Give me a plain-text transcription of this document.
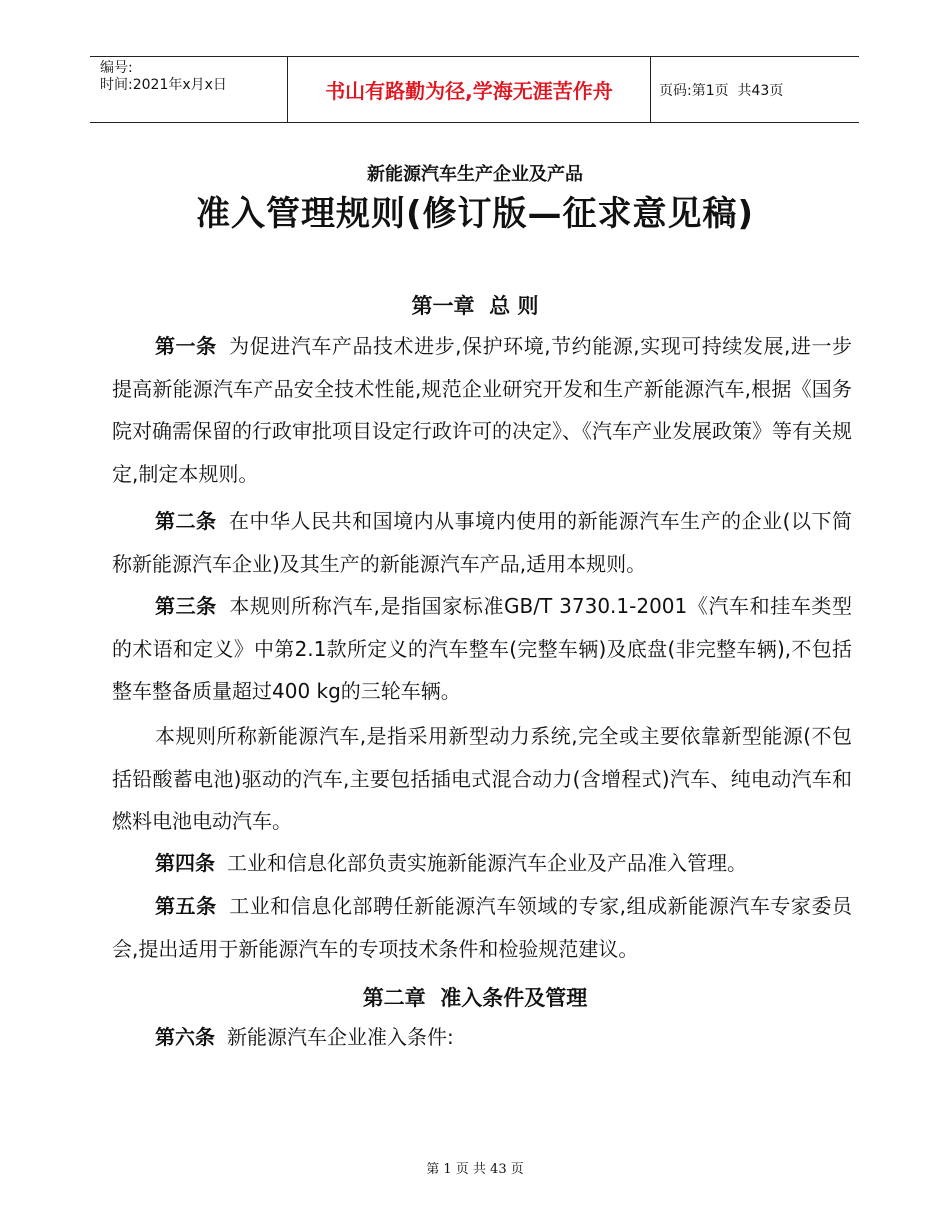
编号:
时间:2021年x月x日	书山有路勤为径,学海无涯苦作舟	页码:第1页  共43页
新能源汽车生产企业及产品
准入管理规则(修订版—征求意见稿)
第一章  总 则

第一条 为促进汽车产品技术进步,保护环境,节约能源,实现可持续发展,进一步提高新能源汽车产品安全技术性能,规范企业研究开发和生产新能源汽车,根据《国务院对确需保留的行政审批项目设定行政许可的决定》、《汽车产业发展政策》等有关规定,制定本规则。

第二条 在中华人民共和国境内从事境内使用的新能源汽车生产的企业(以下简称新能源汽车企业)及其生产的新能源汽车产品,适用本规则。

第三条 本规则所称汽车,是指国家标准GB/T 3730.1-2001《汽车和挂车类型的术语和定义》中第2.1款所定义的汽车整车(完整车辆)及底盘(非完整车辆),不包括整车整备质量超过400 kg的三轮车辆。

本规则所称新能源汽车,是指采用新型动力系统,完全或主要依靠新型能源(不包括铅酸蓄电池)驱动的汽车,主要包括插电式混合动力(含增程式)汽车、纯电动汽车和燃料电池电动汽车。

第四条 工业和信息化部负责实施新能源汽车企业及产品准入管理。

第五条 工业和信息化部聘任新能源汽车领域的专家,组成新能源汽车专家委员会,提出适用于新能源汽车的专项技术条件和检验规范建议。

第二章  准入条件及管理

第六条 新能源汽车企业准入条件:

第 1 页 共 43 页
